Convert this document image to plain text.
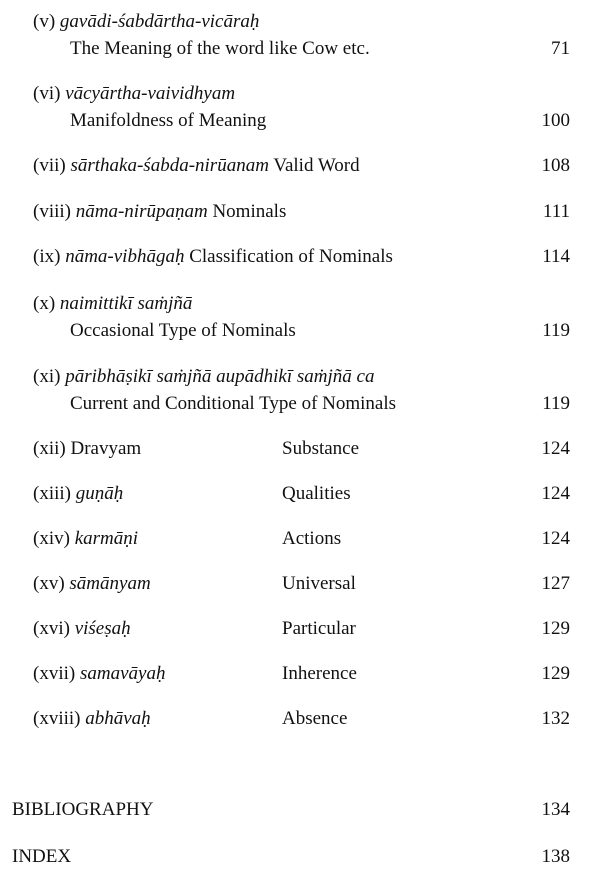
(v) gavādi-śabdārtha-vicāraḥ
The Meaning of the word like Cow etc.	71
(vi) vācyārtha-vaividhyam
Manifoldness of Meaning	100
(vii) sārthaka-śabda-nirūanam Valid Word	108
(viii) nāma-nirūpaṇam Nominals	111
(ix) nāma-vibhāgaḥ Classification of Nominals	114
(x) naimittikī saṁjñā
Occasional Type of Nominals	119
(xi) pāribhāṣikī saṁjñā aupādhikī saṁjñā ca
Current and Conditional Type of Nominals	119
(xii) Dravyam	Substance	124
(xiii) guṇāḥ	Qualities	124
(xiv) karmāṇi	Actions	124
(xv) sāmānyam	Universal	127
(xvi) viśeṣaḥ	Particular	129
(xvii) samavāyaḥ	Inherence	129
(xviii) abhāvaḥ	Absence	132
BIBLIOGRAPHY	134
INDEX	138
